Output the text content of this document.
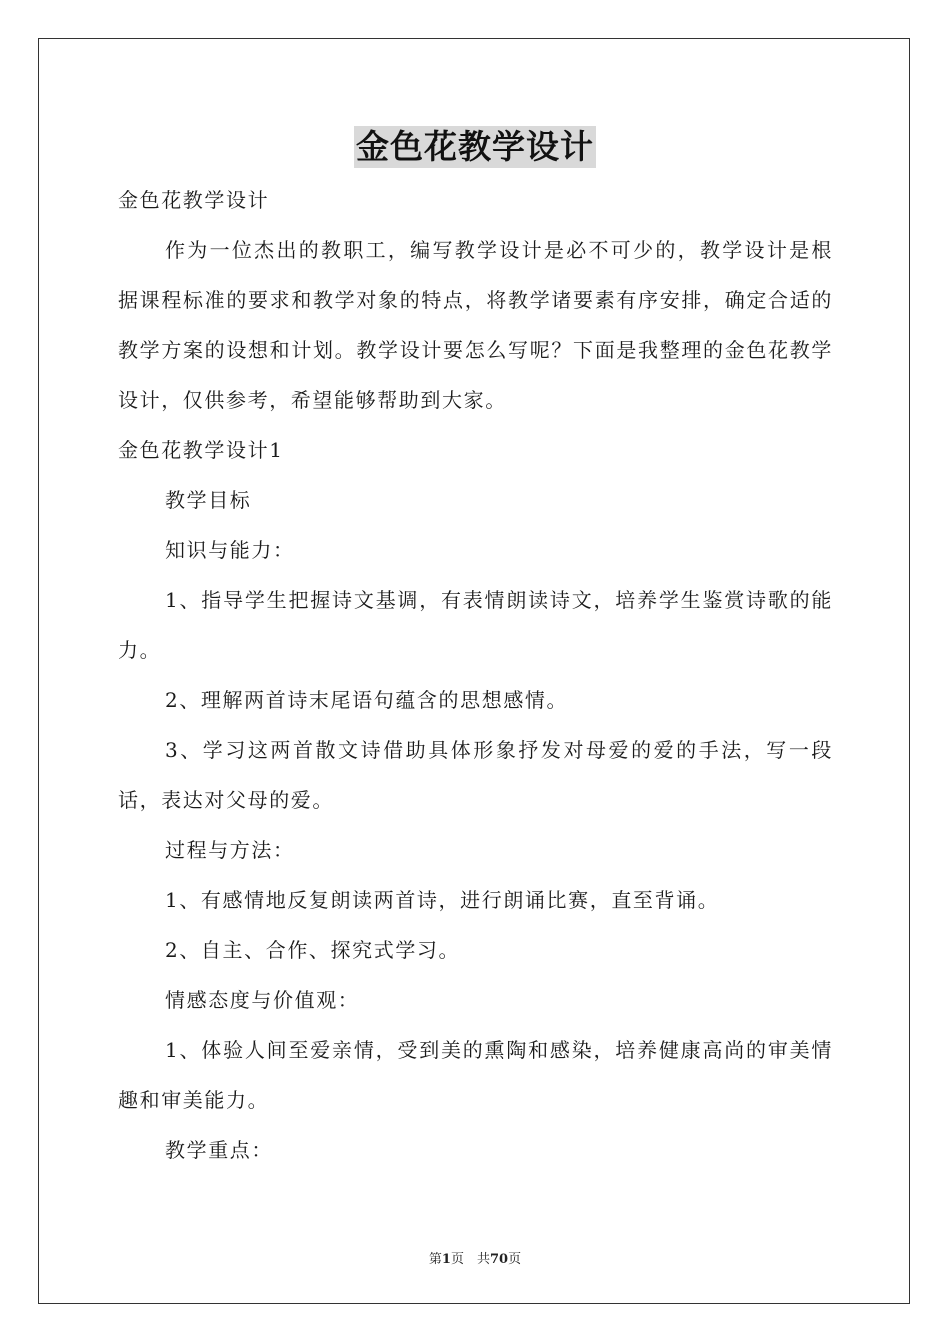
金色花教学设计

金色花教学设计

作为一位杰出的教职工，编写教学设计是必不可少的，教学设计是根据课程标准的要求和教学对象的特点，将教学诸要素有序安排，确定合适的教学方案的设想和计划。教学设计要怎么写呢？下面是我整理的金色花教学设计，仅供参考，希望能够帮助到大家。

金色花教学设计1

教学目标

知识与能力：

1、指导学生把握诗文基调，有表情朗读诗文，培养学生鉴赏诗歌的能力。

2、理解两首诗末尾语句蕴含的思想感情。

3、学习这两首散文诗借助具体形象抒发对母爱的爱的手法，写一段话，表达对父母的爱。

过程与方法：

1、有感情地反复朗读两首诗，进行朗诵比赛，直至背诵。

2、自主、合作、探究式学习。

情感态度与价值观：

1、体验人间至爱亲情，受到美的熏陶和感染，培养健康高尚的审美情趣和审美能力。

教学重点：

第1页　共70页
